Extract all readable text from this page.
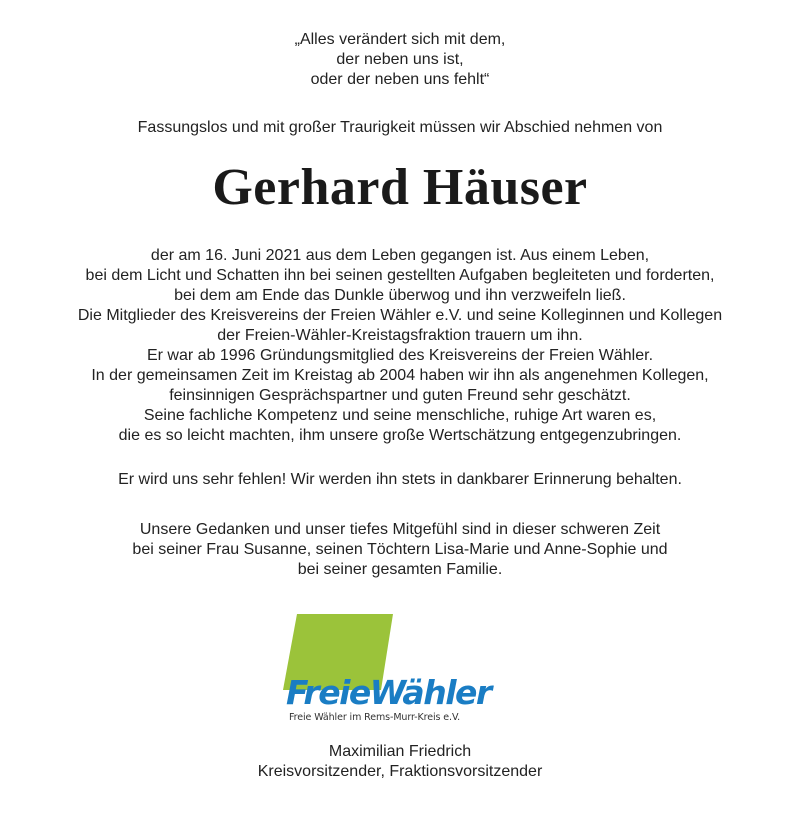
„Alles verändert sich mit dem,
der neben uns ist,
oder der neben uns fehlt“
Fassungslos und mit großer Traurigkeit müssen wir Abschied nehmen von
Gerhard Häuser
der am 16. Juni 2021 aus dem Leben gegangen ist. Aus einem Leben,
bei dem Licht und Schatten ihn bei seinen gestellten Aufgaben begleiteten und forderten,
bei dem am Ende das Dunkle überwog und ihn verzweifeln ließ.
Die Mitglieder des Kreisvereins der Freien Wähler e.V. und seine Kolleginnen und Kollegen
der Freien-Wähler-Kreistagsfraktion trauern um ihn.
Er war ab 1996 Gründungsmitglied des Kreisvereins der Freien Wähler.
In der gemeinsamen Zeit im Kreistag ab 2004 haben wir ihn als angenehmen Kollegen,
feinsinnigen Gesprächspartner und guten Freund sehr geschätzt.
Seine fachliche Kompetenz und seine menschliche, ruhige Art waren es,
die es so leicht machten, ihm unsere große Wertschätzung entgegenzubringen.
Er wird uns sehr fehlen! Wir werden ihn stets in dankbarer Erinnerung behalten.
Unsere Gedanken und unser tiefes Mitgefühl sind in dieser schweren Zeit
bei seiner Frau Susanne, seinen Töchtern Lisa-Marie und Anne-Sophie und
bei seiner gesamten Familie.
FreieWähler
Freie Wähler im Rems-Murr-Kreis e.V.
Maximilian Friedrich
Kreisvorsitzender, Fraktionsvorsitzender
